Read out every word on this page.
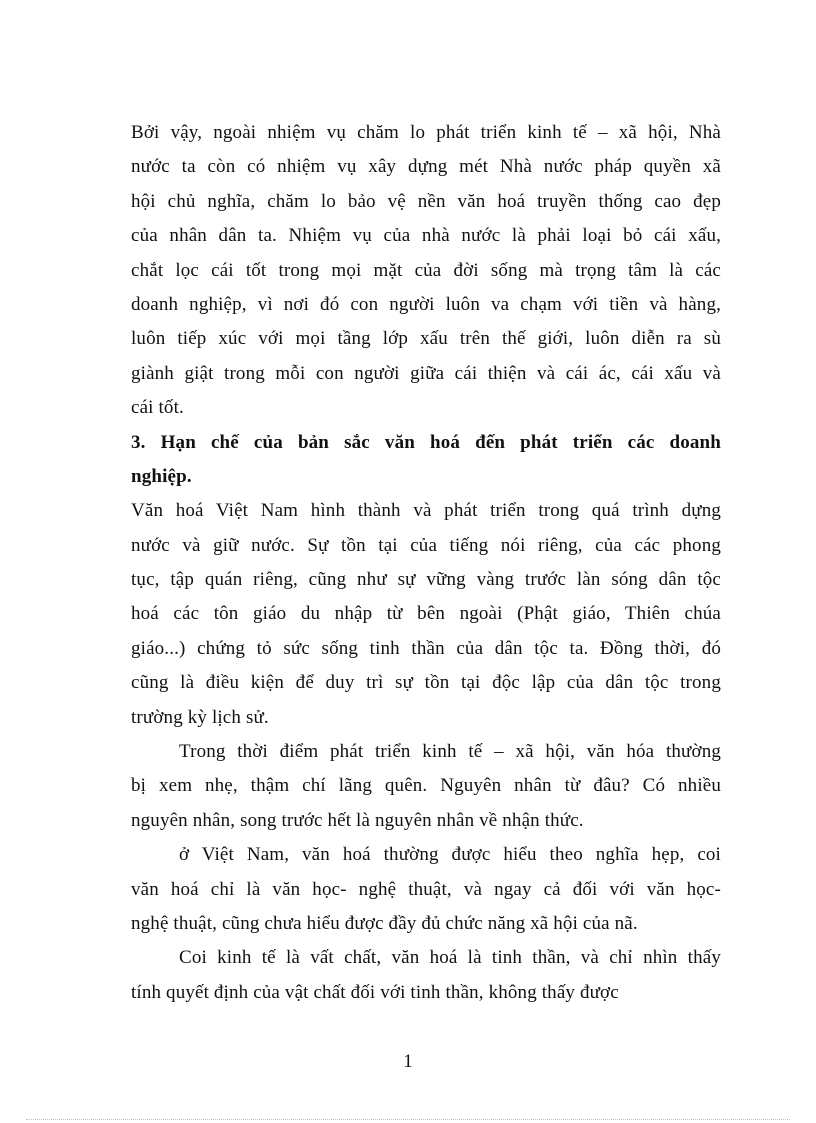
Bởi vậy, ngoài nhiệm vụ chăm lo phát triển kinh tế – xã hội, Nhà
nước ta còn có nhiệm vụ xây dựng mét Nhà nước pháp quyền xã
hội chủ nghĩa, chăm lo bảo vệ nền văn hoá truyền thống cao đẹp
của nhân dân ta. Nhiệm vụ của nhà nước là phải loại bỏ cái xấu,
chắt lọc cái tốt trong mọi mặt của đời sống mà trọng tâm là các
doanh nghiệp, vì nơi đó con người luôn va chạm với tiền và hàng,
luôn tiếp xúc với mọi tầng lớp xấu trên thế giới, luôn diễn ra sù
giành giật trong mỗi con người giữa cái thiện và cái ác, cái xấu và
cái tốt.
3. Hạn chế của bản sắc văn hoá đến phát triển các doanh
nghiệp.
Văn hoá Việt Nam hình thành và phát triển trong quá trình dựng
nước và giữ nước. Sự tồn tại của tiếng nói riêng, của các phong
tục, tập quán riêng, cũng như sự vững vàng trước làn sóng dân tộc
hoá các tôn giáo du nhập từ bên ngoài (Phật giáo, Thiên chúa
giáo...) chứng tỏ sức sống tinh thần của dân tộc ta. Đồng thời, đó
cũng là điều kiện để duy trì sự tồn tại độc lập của dân tộc trong
trường kỳ lịch sử.
Trong thời điểm phát triển kinh tế – xã hội, văn hóa thường
bị xem nhẹ, thậm chí lãng quên. Nguyên nhân từ đâu? Có nhiều
nguyên nhân, song trước hết là nguyên nhân về nhận thức.
ở Việt Nam, văn hoá thường được hiểu theo nghĩa hẹp, coi
văn hoá chỉ là văn học- nghệ thuật, và ngay cả đối với văn học-
nghệ thuật, cũng chưa hiểu được đầy đủ chức năng xã hội của nã.
Coi kinh tế là vất chất, văn hoá là tinh thần, và chỉ nhìn thấy
tính quyết định của vật chất đối với tinh thần, không thấy được
1
